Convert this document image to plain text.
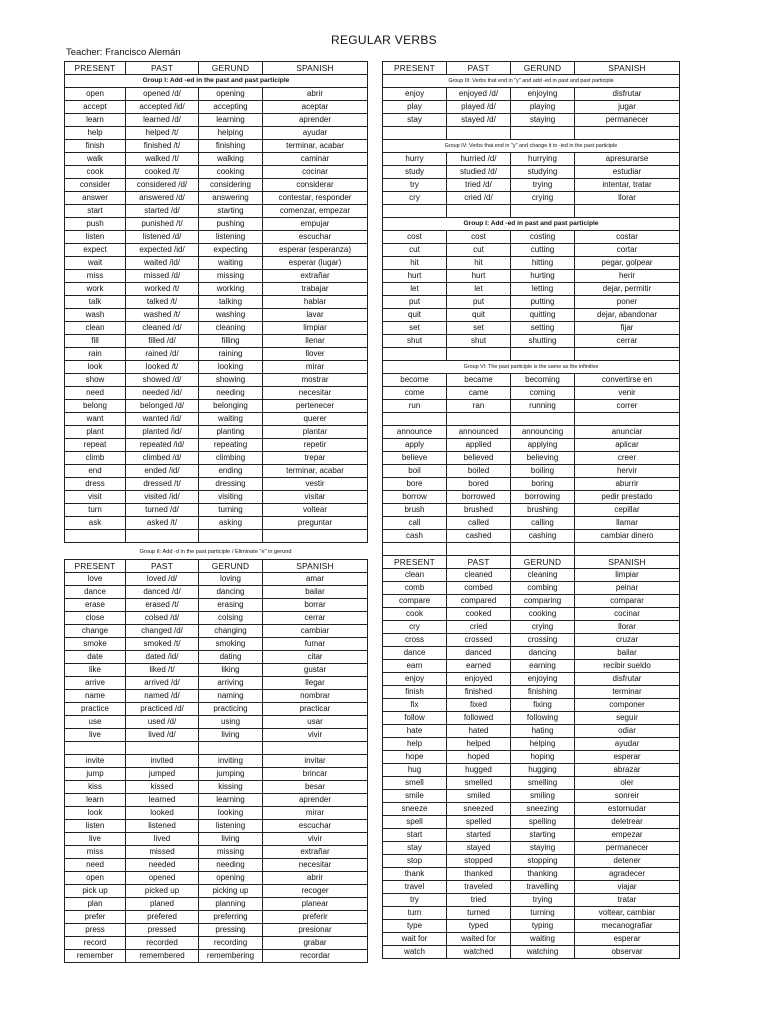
REGULAR VERBS
Teacher: Francisco Alemán
PRESENT	PAST	GERUND	SPANISH
Group I: Add -ed in the past and past participle			
open	opened /d/	opening	abrir
accept	accepted /id/	accepting	aceptar
learn	learned /d/	learning	aprender
help	helped /t/	helping	ayudar
finish	finished /t/	finishing	terminar, acabar
walk	walked /t/	walking	caminar
cook	cooked /t/	cooking	cocinar
consider	considered /d/	considering	considerar
answer	answered /d/	answering	contestar, responder
start	started /d/	starting	comenzar, empezar
push	punished /t/	pushing	empujar
listen	listened /d/	listening	escuchar
expect	expected /id/	expecting	esperar (esperanza)
wait	waited /id/	waiting	esperar (lugar)
miss	missed /d/	missing	extrañar
work	worked /t/	working	trabajar
talk	talked /t/	talking	hablar
wash	washed /t/	washing	lavar
clean	cleaned /d/	cleaning	limpiar
fill	filled /d/	filling	llenar
rain	rained /d/	raining	llover
look	looked /t/	looking	mirar
show	showed /d/	showing	mostrar
need	needed /id/	needing	necesitar
belong	belonged /d/	belonging	pertenecer
want	wanted /id/	waiting	querer
plant	planted /id/	planting	plantar
repeat	repeated /id/	repeating	repetir
climb	climbed /d/	climbing	trepar
end	ended /id/	ending	terminar, acabar
dress	dressed /t/	dressing	vestir
visit	visited /id/	visiting	visitar
turn	turned /d/	turning	voltear
ask	asked /t/	asking	preguntar

PRESENT	PAST	GERUND	SPANISH
Group III: Verbs that end in "y" and add -ed in past and past participle			
enjoy	enjoyed /d/	enjoying	disfrutar
play	played /d/	playing	jugar
stay	stayed /d/	staying	permanecer

Group IV: Verbs that end in "y" and change it to -ied in the past participle			
hurry	hurried /d/	hurrying	apresurarse
study	studied /d/	studying	estudiar
try	tried /d/	trying	intentar, tratar
cry	cried /d/	crying	llorar

Group I: Add -ed in past and past participle			
cost	cost	costing	costar
cut	cut	cutting	cortar
hit	hit	hitting	pegar, golpear
hurt	hurt	hurting	herir
let	let	letting	dejar, permitir
put	put	putting	poner
quit	quit	quitting	dejar, abandonar
set	set	setting	fijar
shut	shut	shutting	cerrar

Group VI: The past participle is the same as the infinitive			
become	became	becoming	convertirse en
come	came	coming	venir
run	ran	running	correr

announce	announced	announcing	anunciar
apply	applied	applying	aplicar
believe	believed	believing	creer
boil	boiled	boiling	hervir
bore	bored	boring	aburrir
borrow	borrowed	borrowing	pedir prestado
brush	brushed	brushing	cepillar
call	called	calling	llamar
cash	cashed	cashing	cambiar dinero

PRESENT	PAST	GERUND	SPANISH
clean	cleaned	cleaning	limpiar
comb	combed	combing	peinar
compare	compared	comparing	comparar
cook	cooked	cooking	cocinar
cry	cried	crying	llorar
cross	crossed	crossing	cruzar
dance	danced	dancing	bailar
earn	earned	earning	recibir sueldo
enjoy	enjoyed	enjoying	disfrutar
finish	finished	finishing	terminar
fix	fixed	fixing	componer
follow	followed	following	seguir
hate	hated	hating	odiar
help	helped	helping	ayudar
hope	hoped	hoping	esperar
hug	hugged	hugging	abrazar
smell	smelled	smelling	oler
smile	smiled	smiling	sonreir
sneeze	sneezed	sneezing	estornudar
spell	spelled	spelling	deletrear
start	started	starting	empezar
stay	stayed	staying	permanecer
stop	stopped	stopping	detener
thank	thanked	thanking	agradecer
travel	traveled	travelling	viajar
try	tried	trying	tratar
turn	turned	turning	voltear, cambiar
type	typed	typing	mecanografiar
wait for	waited for	waiting	esperar
watch	watched	watching	observar
Group II: Add -d in the past participle / Eliminate "e" in gerund
PRESENT	PAST	GERUND	SPANISH
love	loved /d/	loving	amar
dance	danced /d/	dancing	bailar
erase	erased /t/	erasing	borrar
close	colsed /d/	colsing	cerrar
change	changed /d/	changing	cambiar
smoke	smoked /t/	smoking	fumar
date	dated /id/	dating	citar
like	liked /t/	liking	gustar
arrive	arrived /d/	arriving	llegar
name	named /d/	naming	nombrar
practice	practiced /d/	practicing	practicar
use	used /d/	using	usar
live	lived /d/	living	vivir

invite	invited	inviting	invitar
jump	jumped	jumping	brincar
kiss	kissed	kissing	besar
learn	learned	learning	aprender
look	looked	looking	mirar
listen	listened	listening	escuchar
live	lived	living	vivir
miss	missed	missing	extrañar
need	needed	needing	necesitar
open	opened	opening	abrir
pick up	picked up	picking up	recoger
plan	planed	planning	planear
prefer	prefered	preferring	preferir
press	pressed	pressing	presionar
record	recorded	recording	grabar
remember	remembered	remembering	recordar
